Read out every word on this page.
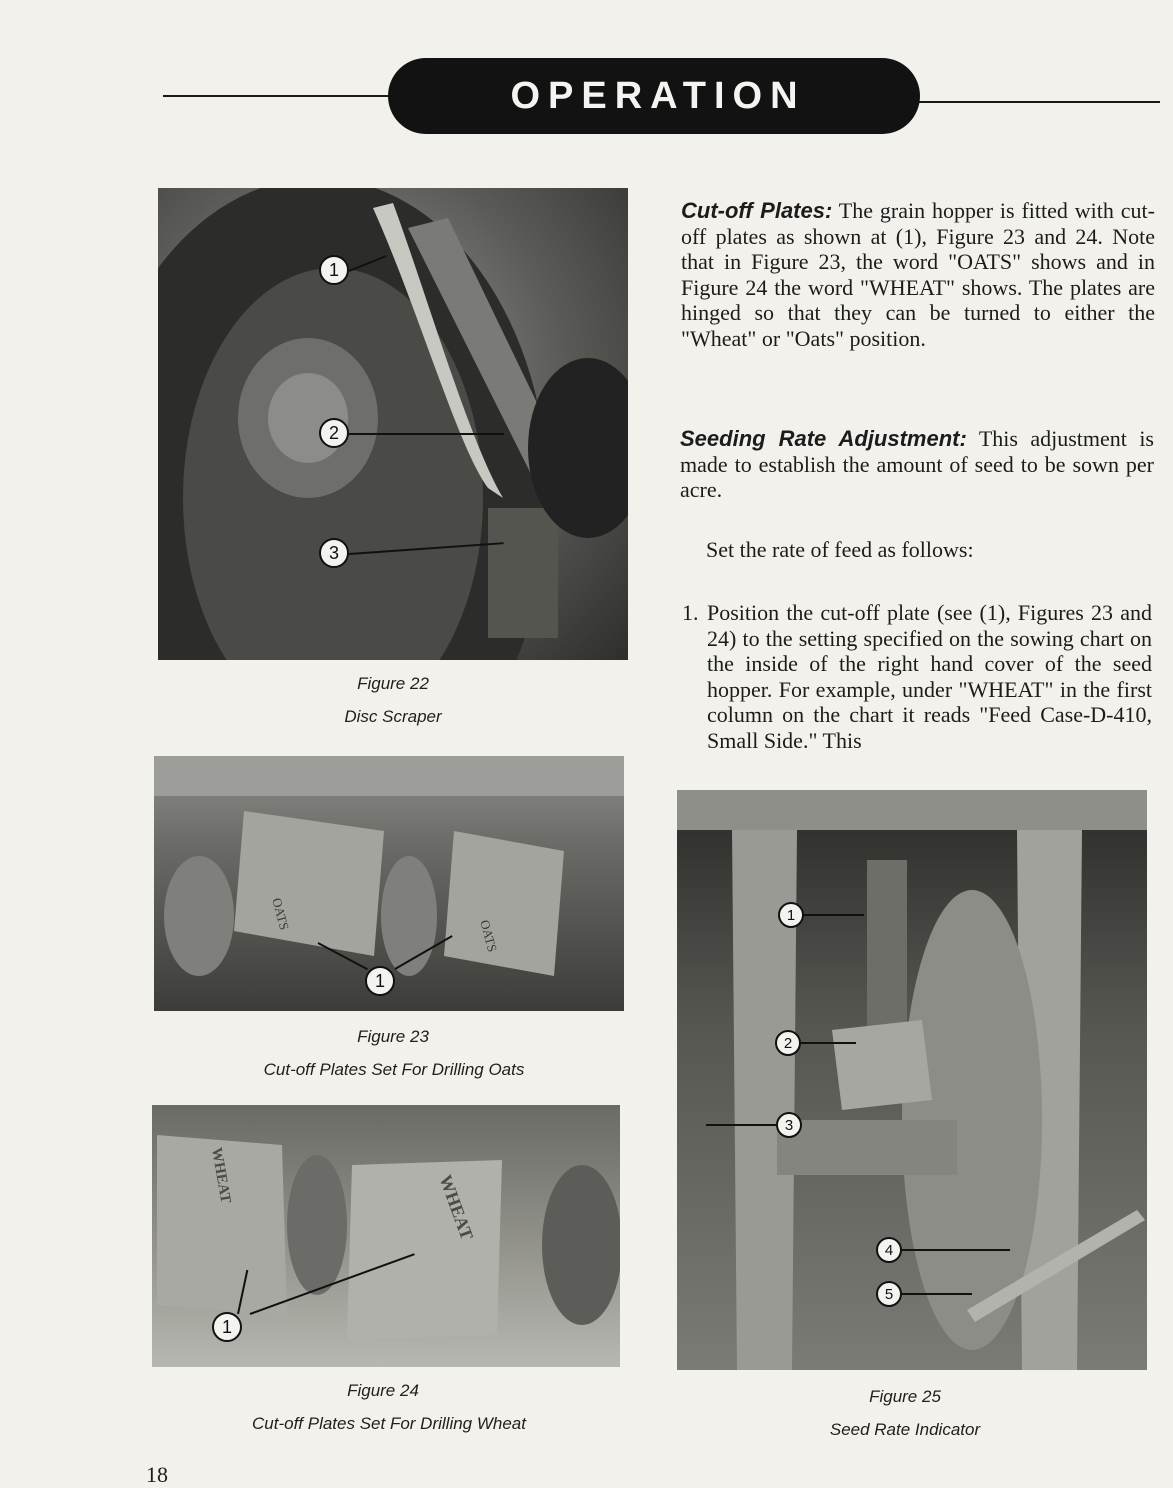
OPERATION
1
2
3
Figure 22
Disc Scraper
OATS
OATS
1
Figure 23
Cut-off Plates Set For Drilling Oats
WHEAT	WHEAT
1
Figure 24
Cut-off Plates Set For Drilling Wheat

Cut-off Plates: The grain hopper is fitted with cut-off plates as shown at (1), Figure 23 and 24. Note that in Figure 23, the word "OATS" shows and in Figure 24 the word "WHEAT" shows. The plates are hinged so that they can be turned to either the "Wheat" or "Oats" position.

Seeding Rate Adjustment: This adjustment is made to establish the amount of seed to be sown per acre.

Set the rate of feed as follows:

1. Position the cut-off plate (see (1), Figures 23 and 24) to the setting specified on the sowing chart on the inside of the right hand cover of the seed hopper. For example, under "WHEAT" in the first column on the chart it reads "Feed Case-D-410, Small Side." This

1
2
3
4
5
Figure 25
Seed Rate Indicator
18
